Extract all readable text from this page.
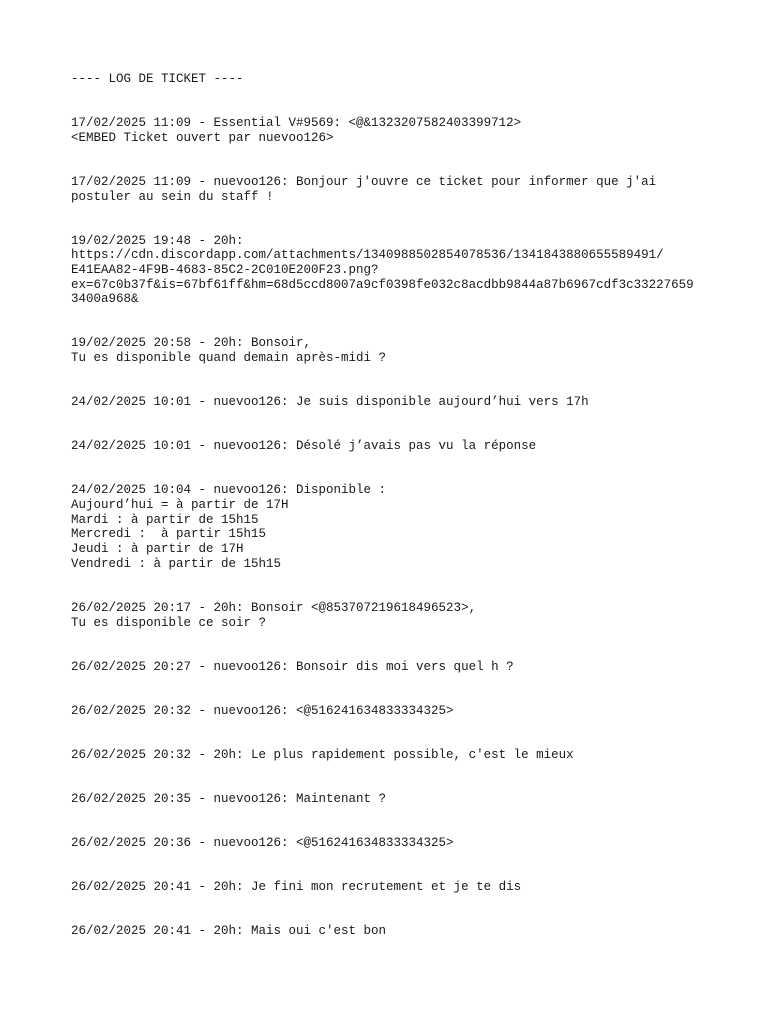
---- LOG DE TICKET ----
17/02/2025 11:09 - Essential V#9569: <@&1323207582403399712>
<EMBED Ticket ouvert par nuevoo126>
17/02/2025 11:09 - nuevoo126: Bonjour j'ouvre ce ticket pour informer que j'ai
postuler au sein du staff !
19/02/2025 19:48 - 20h:
https://cdn.discordapp.com/attachments/1340988502854078536/1341843880655589491/
E41EAA82-4F9B-4683-85C2-2C010E200F23.png?
ex=67c0b37f&is=67bf61ff&hm=68d5ccd8007a9cf0398fe032c8acdbb9844a87b6967cdf3c33227659
3400a968&
19/02/2025 20:58 - 20h: Bonsoir,
Tu es disponible quand demain après-midi ?
24/02/2025 10:01 - nuevoo126: Je suis disponible aujourd’hui vers 17h
24/02/2025 10:01 - nuevoo126: Désolé j’avais pas vu la réponse
24/02/2025 10:04 - nuevoo126: Disponible :
Aujourd’hui = à partir de 17H
Mardi : à partir de 15h15
Mercredi :  à partir 15h15
Jeudi : à partir de 17H
Vendredi : à partir de 15h15
26/02/2025 20:17 - 20h: Bonsoir <@853707219618496523>,
Tu es disponible ce soir ?
26/02/2025 20:27 - nuevoo126: Bonsoir dis moi vers quel h ?
26/02/2025 20:32 - nuevoo126: <@516241634833334325>
26/02/2025 20:32 - 20h: Le plus rapidement possible, c'est le mieux
26/02/2025 20:35 - nuevoo126: Maintenant ?
26/02/2025 20:36 - nuevoo126: <@516241634833334325>
26/02/2025 20:41 - 20h: Je fini mon recrutement et je te dis
26/02/2025 20:41 - 20h: Mais oui c'est bon
